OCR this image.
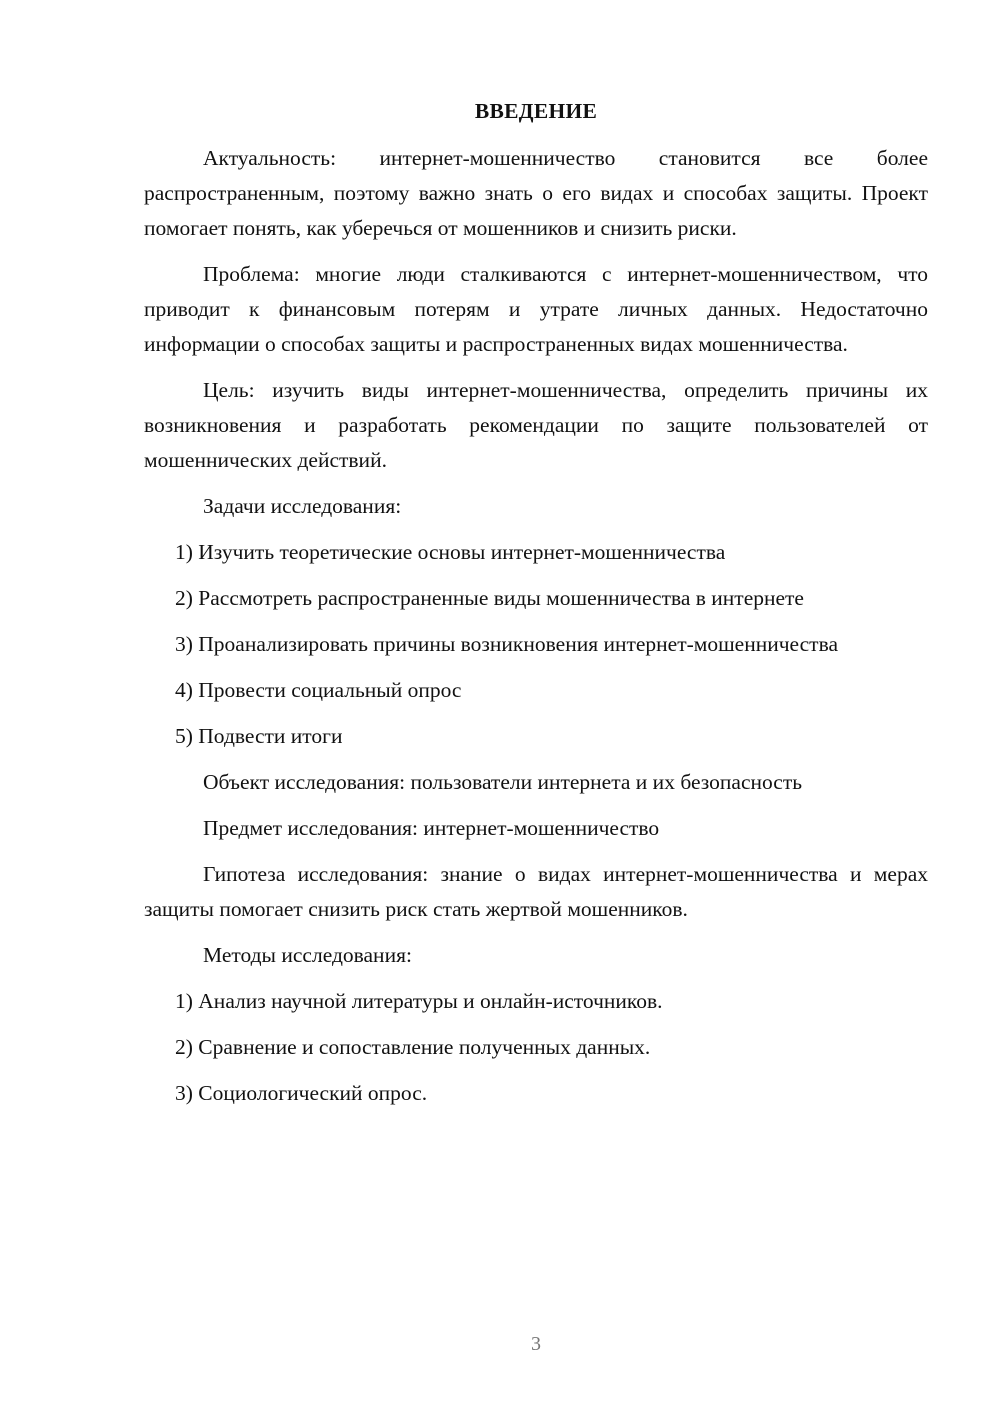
ВВЕДЕНИЕ

Актуальность: интернет-мошенничество становится все более распространенным, поэтому важно знать о его видах и способах защиты. Проект помогает понять, как уберечься от мошенников и снизить риски.

Проблема: многие люди сталкиваются с интернет-мошенничеством, что приводит к финансовым потерям и утрате личных данных. Недостаточно информации о способах защиты и распространенных видах мошенничества.

Цель: изучить виды интернет-мошенничества, определить причины их возникновения и разработать рекомендации по защите пользователей от мошеннических действий.

Задачи исследования:

1) Изучить теоретические основы интернет-мошенничества

2) Рассмотреть распространенные виды мошенничества в интернете

3) Проанализировать причины возникновения интернет-мошенничества

4) Провести социальный опрос

5) Подвести итоги

Объект исследования: пользователи интернета и их безопасность

Предмет исследования: интернет-мошенничество

Гипотеза исследования: знание о видах интернет-мошенничества и мерах защиты помогает снизить риск стать жертвой мошенников.

Методы исследования:

1) Анализ научной литературы и онлайн-источников.

2) Сравнение и сопоставление полученных данных.

3) Социологический опрос.

3
